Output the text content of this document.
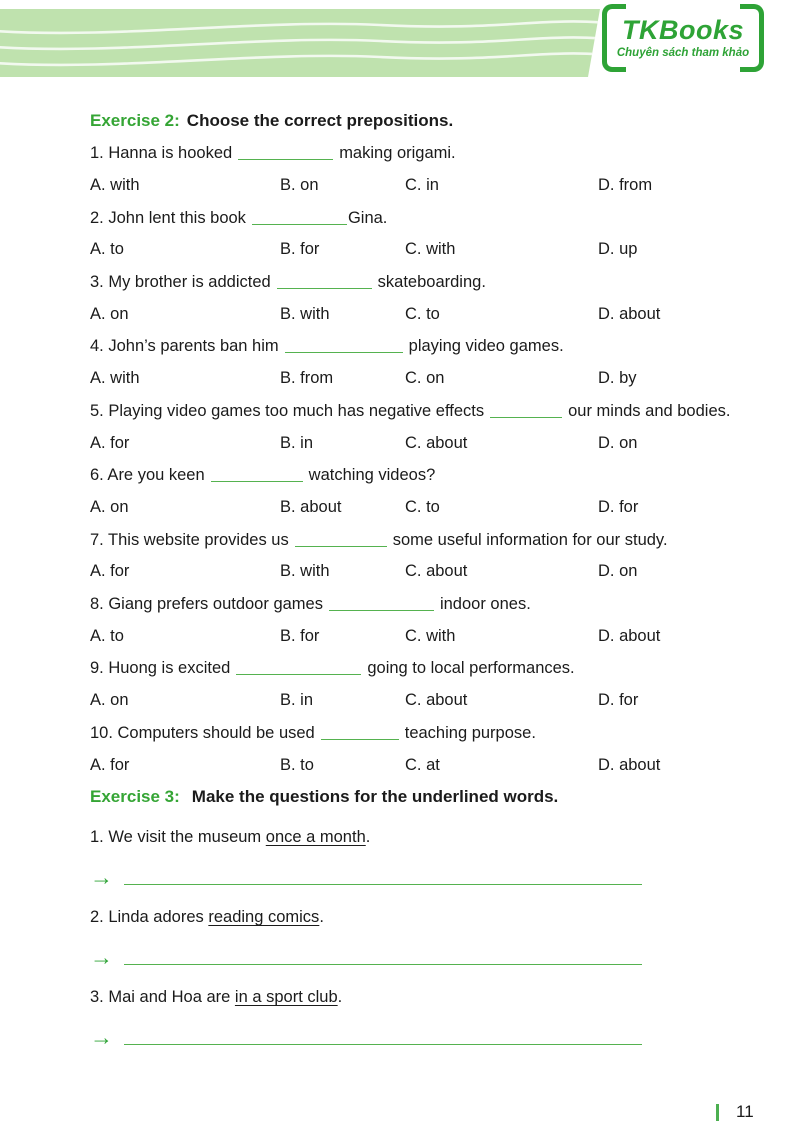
TKBooks
Chuyên sách tham khảo
Exercise 2: Choose the correct prepositions.
1. Hanna is hooked	making origami.
A. with	B. on	C. in	D. from
2. John lent this book	Gina.
A. to	B. for	C. with	D. up
3. My brother is addicted	skateboarding.
A. on	B. with	C. to	D. about
4. John’s parents ban him	playing video games.
A. with	B. from	C. on	D. by
5. Playing video games too much has negative effects	our minds and bodies.
A. for	B. in	C. about	D. on
6. Are you keen	watching videos?
A. on	B. about	C. to	D. for
7. This website provides us	some useful information for our study.
A. for	B. with	C. about	D. on
8. Giang prefers outdoor games	indoor ones.
A. to	B. for	C. with	D. about
9. Huong is excited	going to local performances.
A. on	B. in	C. about	D. for
10. Computers should be used	teaching purpose.
A. for	B. to	C. at	D. about
Exercise 3: Make the questions for the underlined words.
1. We visit the museum once a month.
→
2. Linda adores reading comics.
→
3. Mai and Hoa are in a sport club.
→
11
